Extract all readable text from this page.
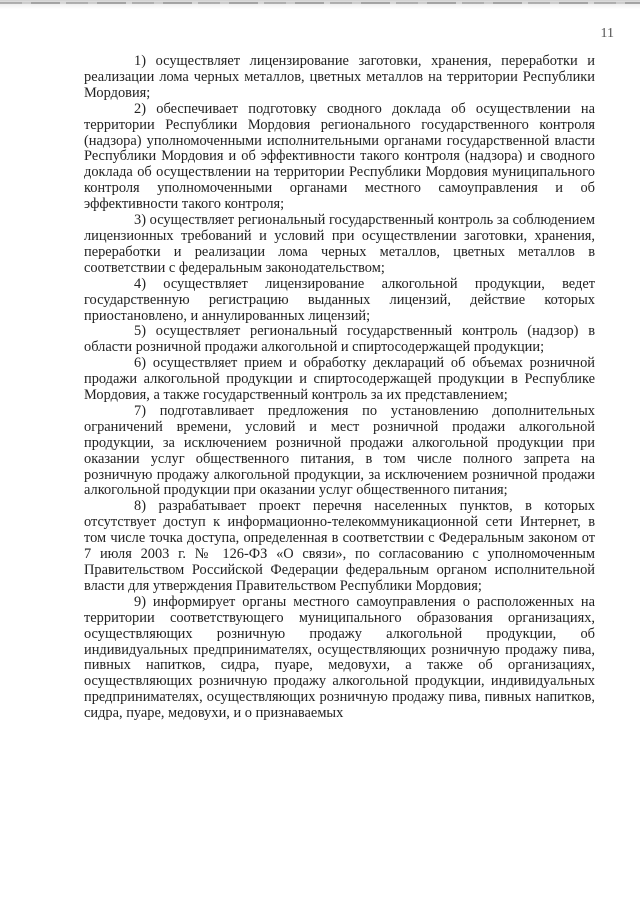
11

1) осуществляет лицензирование заготовки, хранения, переработки и реализации лома черных металлов, цветных металлов на территории Республики Мордовия;

2) обеспечивает подготовку сводного доклада об осуществлении на территории Республики Мордовия регионального государственного контроля (надзора) уполномоченными исполнительными органами государственной власти Республики Мордовия и об эффективности такого контроля (надзора) и сводного доклада об осуществлении на территории Республики Мордовия муниципального контроля уполномоченными органами местного самоуправления и об эффективности такого контроля;

3) осуществляет региональный государственный контроль за соблюдением лицензионных требований и условий при осуществлении заготовки, хранения, переработки и реализации лома черных металлов, цветных металлов в соответствии с федеральным законодательством;

4) осуществляет лицензирование алкогольной продукции, ведет государственную регистрацию выданных лицензий, действие которых приостановлено, и аннулированных лицензий;

5) осуществляет региональный государственный контроль (надзор) в области розничной продажи алкогольной и спиртосодержащей продукции;

6) осуществляет прием и обработку деклараций об объемах розничной продажи алкогольной продукции и спиртосодержащей продукции в Республике Мордовия, а также государственный контроль за их представлением;

7) подготавливает предложения по установлению дополнительных ограничений времени, условий и мест розничной продажи алкогольной продукции, за исключением розничной продажи алкогольной продукции при оказании услуг общественного питания, в том числе полного запрета на розничную продажу алкогольной продукции, за исключением розничной продажи алкогольной продукции при оказании услуг общественного питания;

8) разрабатывает проект перечня населенных пунктов, в которых отсутствует доступ к информационно-телекоммуникационной сети Интернет, в том числе точка доступа, определенная в соответствии с Федеральным законом от 7 июля 2003 г. № 126-ФЗ «О связи», по согласованию с уполномоченным Правительством Российской Федерации федеральным органом исполнительной власти для утверждения Правительством Республики Мордовия;

9) информирует органы местного самоуправления о расположенных на территории соответствующего муниципального образования организациях, осуществляющих розничную продажу алкогольной продукции, об индивидуальных предпринимателях, осуществляющих розничную продажу пива, пивных напитков, сидра, пуаре, медовухи, а также об организациях, осуществляющих розничную продажу алкогольной продукции, индивидуальных предпринимателях, осуществляющих розничную продажу пива, пивных напитков, сидра, пуаре, медовухи, и о признаваемых
